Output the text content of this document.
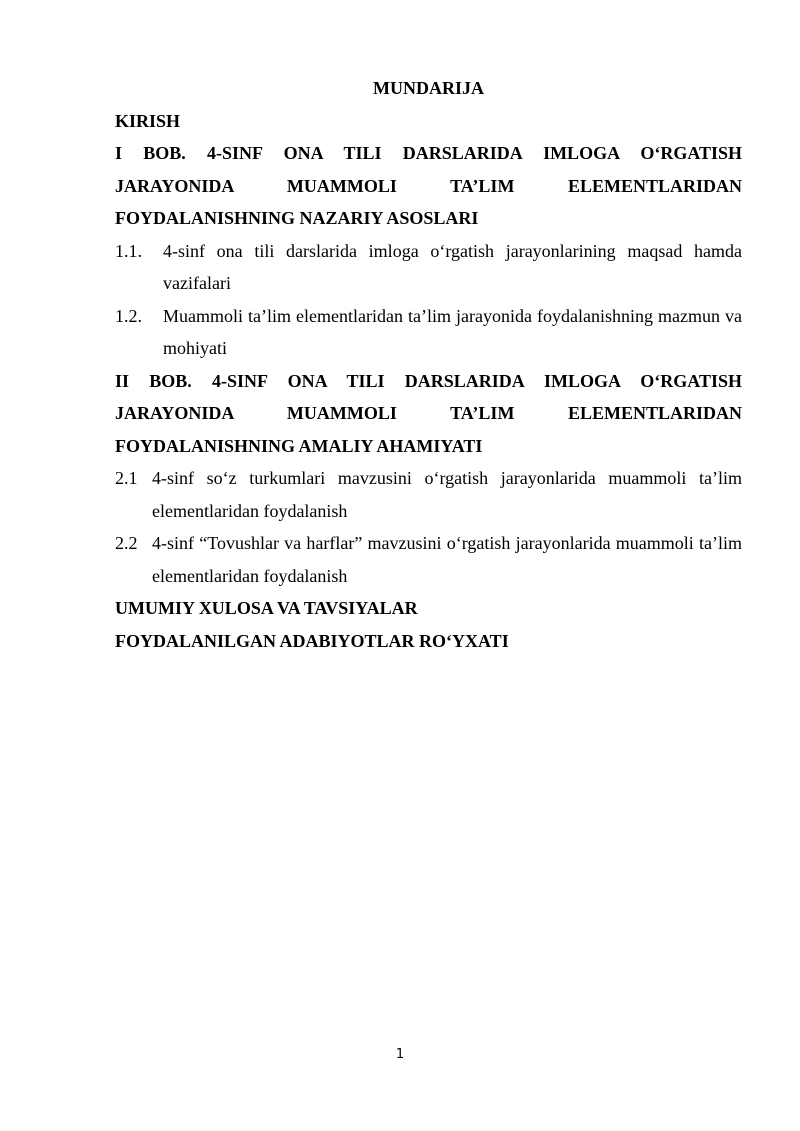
MUNDARIJA

KIRISH

I BOB. 4-SINF ONA TILI DARSLARIDA IMLOGA O‘RGATISH JARAYONIDA MUAMMOLI TA’LIM ELEMENTLARIDAN FOYDALANISHNING NAZARIY ASOSLARI

1.1. 4-sinf ona tili darslarida imloga o‘rgatish jarayonlarining maqsad hamda vazifalari
1.2. Muammoli ta’lim elementlaridan ta’lim jarayonida foydalanishning mazmun va mohiyati

II BOB. 4-SINF ONA TILI DARSLARIDA IMLOGA O‘RGATISH JARAYONIDA MUAMMOLI TA’LIM ELEMENTLARIDAN FOYDALANISHNING AMALIY AHAMIYATI

2.1 4-sinf so‘z turkumlari mavzusini o‘rgatish jarayonlarida muammoli ta’lim elementlaridan foydalanish
2.2 4-sinf “Tovushlar va harflar” mavzusini o‘rgatish jarayonlarida muammoli ta’lim elementlaridan foydalanish

UMUMIY XULOSA VA TAVSIYALAR

FOYDALANILGAN ADABIYOTLAR RO‘YXATI

1
